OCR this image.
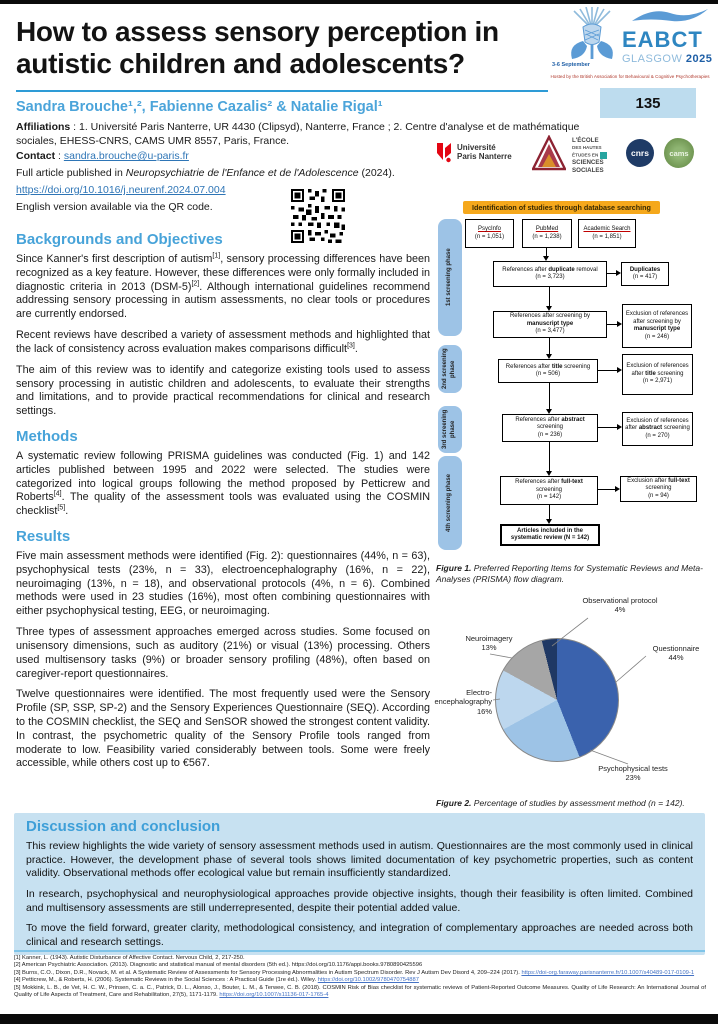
How to assess sensory perception in autistic children and adolescents?
Sandra Brouche¹,², Fabienne Cazalis² & Natalie Rigal¹
Affiliations : 1. Université Paris Nanterre, UR 4430 (Clipsyd), Nanterre, France ; 2. Centre d'analyse et de mathématique sociales, EHESS-CNRS, CAMS UMR 8557, Paris, France.
Contact : sandra.brouche@u-paris.fr
Full article published in Neuropsychiatrie de l'Enfance et de l'Adolescence (2024).
https://doi.org/10.1016/j.neurenf.2024.07.004
English version available via the QR code.
EABCT
GLASGOW 2025
3-6 September
Hosted by the British Association for Behavioural & Cognitive Psychotherapies
135
Université
Paris Nanterre
L'ÉCOLE
DES HAUTES
ÉTUDES EN
SCIENCES
SOCIALES
cnrs	cams
Backgrounds and Objectives

Since Kanner's first description of autism[1], sensory processing differences have been recognized as a key feature. However, these differences were only formally included in diagnostic criteria in 2013 (DSM-5)[2]. Although international guidelines recommend addressing sensory processing in autism assessments, no clear tools or procedures are currently endorsed.

Recent reviews have described a variety of assessment methods and highlighted that the lack of consistency across evaluation makes comparisons difficult[3].

The aim of this review was to identify and categorize existing tools used to assess sensory processing in autistic children and adolescents, to evaluate their strengths and limitations, and to provide practical recommendations for clinical and research settings.

Methods

A systematic review following PRISMA guidelines was conducted (Fig. 1) and 142 articles published between 1995 and 2022 were selected. The studies were categorized into logical groups following the method proposed by Petticrew and Roberts[4]. The quality of the assessment tools was evaluated using the COSMIN checklist[5].

Results

Five main assessment methods were identified (Fig. 2): questionnaires (44%, n = 63), psychophysical tests (23%, n = 33), electroencephalography (16%, n = 22), neuroimaging (13%, n = 18), and observational protocols (4%, n = 6). Combined methods were used in 23 studies (16%), most often combining questionnaires with either psychophysical testing, EEG, or neuroimaging.

Three types of assessment approaches emerged across studies. Some focused on unisensory dimensions, such as auditory (21%) or visual (13%) processing. Others used multisensory tasks (9%) or broader sensory profiling (48%), often based on caregiver-report questionnaires.

Twelve questionnaires were identified. The most frequently used were the Sensory Profile (SP, SSP, SP-2) and the Sensory Experiences Questionnaire (SEQ). According to the COSMIN checklist, the SEQ and SenSOR showed the strongest content validity. In contrast, the psychometric quality of the Sensory Profile tools ranged from moderate to low. Feasibility varied considerably between tools. Some were freely accessible, while others cost up to €567.

Identification of studies through database searching
1st screening phase
2nd screening phase
3rd screening phase
4th screening phase
PsycInfo
(n = 1,051)
PubMed
(n = 1,238)
Academic Search
(n = 1,851)
References after duplicate removal
(n = 3,723)
Duplicates
(n = 417)
References after screening by manuscript type
(n = 3,477)
Exclusion of references after screening by manuscript type
(n = 246)
References after title screening
(n = 506)
Exclusion of references after title screening
(n = 2,971)
References after abstract screening
(n = 236)
Exclusion of references after abstract screening
(n = 270)
References after full-text screening
(n = 142)
Exclusion after full-text screening
(n = 94)
Articles included in the systematic review (N = 142)
Figure 1. Preferred Reporting Items for Systematic Reviews and Meta-Analyses (PRISMA) flow diagram.
Observational protocol
4%
Questionnaire
44%
Psychophysical tests
23%
Electro-encephalography
16%
Neuroimagery
13%
Figure 2. Percentage of studies by assessment method (n = 142).
Discussion and conclusion

This review highlights the wide variety of sensory assessment methods used in autism. Questionnaires are the most commonly used in clinical practice. However, the development phase of several tools shows limited documentation of key psychometric properties, such as content validity. Observational methods offer ecological value but remain insufficiently standardized.

In research, psychophysical and neurophysiological approaches provide objective insights, though their feasibility is often limited. Combined and multisensory assessments are still underrepresented, despite their potential added value.

To move the field forward, greater clarity, methodological consistency, and integration of complementary approaches are needed across both clinical and research settings.

[1] Kanner, L. (1943). Autistic Disturbance of Affective Contact. Nervous Child, 2, 217-250.
[2] American Psychiatric Association. (2013). Diagnostic and statistical manual of mental disorders (5th ed.). https://doi.org/10.1176/appi.books.9780890425596
[3] Burns, C.O., Dixon, D.R., Novack, M. et al. A Systematic Review of Assessments for Sensory Processing Abnormalities in Autism Spectrum Disorder. Rev J Autism Dev Disord 4, 209–224 (2017). https://doi-org.faraway.parisnanterre.fr/10.1007/s40489-017-0109-1
[4] Petticrew, M., & Roberts, H. (2006). Systematic Reviews in the Social Sciences : A Practical Guide (1re éd.). Wiley. https://doi.org/10.1002/9780470754887
[5] Mokkink, L. B., de Vet, H. C. W., Prinsen, C. a. C., Patrick, D. L., Alonso, J., Bouter, L. M., & Terwee, C. B. (2018). COSMIN Risk of Bias checklist for systematic reviews of Patient-Reported Outcome Measures. Quality of Life Research: An International Journal of Quality of Life Aspects of Treatment, Care and Rehabilitation, 27(5), 1171-1179. https://doi.org/10.1007/s11136-017-1765-4
